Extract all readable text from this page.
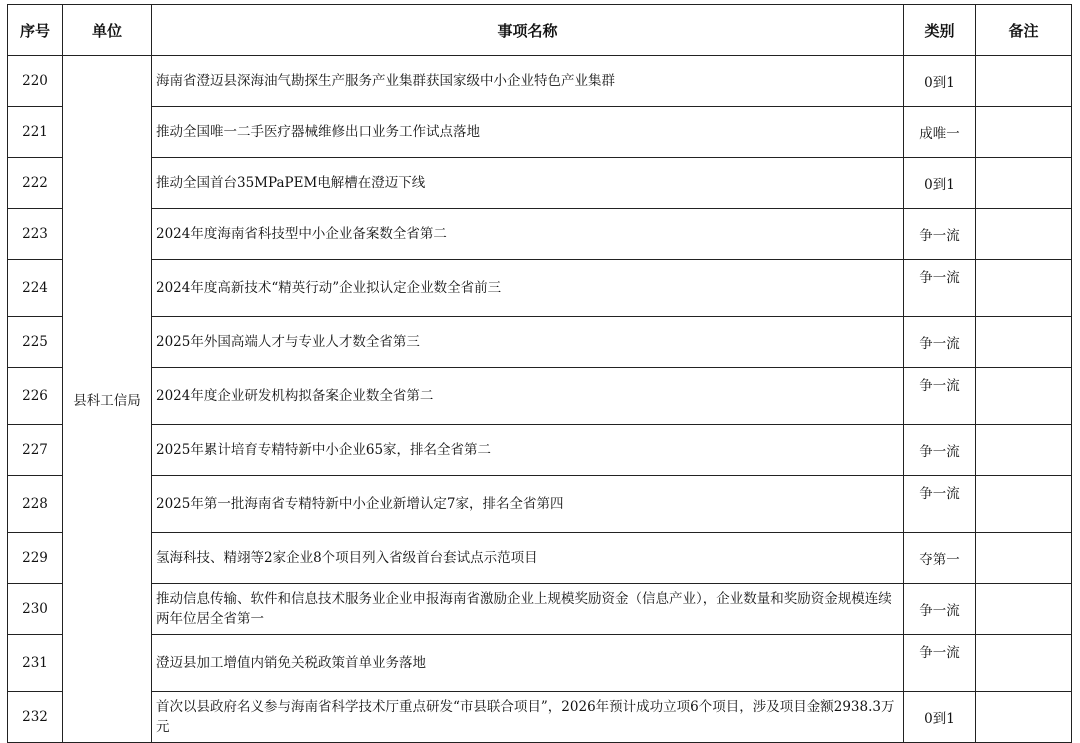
序号	单位	事项名称	类别	备注
220	县科工信局	海南省澄迈县深海油气勘探生产服务产业集群获国家级中小企业特色产业集群	0到1	
221		推动全国唯一二手医疗器械维修出口业务工作试点落地	成唯一	
222		推动全国首台35MPaPEM电解槽在澄迈下线	0到1	
223		2024年度海南省科技型中小企业备案数全省第二	争一流	
224		2024年度高新技术“精英行动”企业拟认定企业数全省前三	争一流	
225		2025年外国高端人才与专业人才数全省第三	争一流	
226		2024年度企业研发机构拟备案企业数全省第二	争一流	
227		2025年累计培育专精特新中小企业65家，排名全省第二	争一流	
228		2025年第一批海南省专精特新中小企业新增认定7家，排名全省第四	争一流	
229		氢海科技、精翊等2家企业8个项目列入省级首台套试点示范项目	夺第一	
230		推动信息传输、软件和信息技术服务业企业申报海南省激励企业上规模奖励资金（信息产业），企业数量和奖励资金规模连续两年位居全省第一	争一流	
231		澄迈县加工增值内销免关税政策首单业务落地	争一流	
232		首次以县政府名义参与海南省科学技术厅重点研发“市县联合项目”，2026年预计成功立项6个项目，涉及项目金额2938.3万元	0到1	
